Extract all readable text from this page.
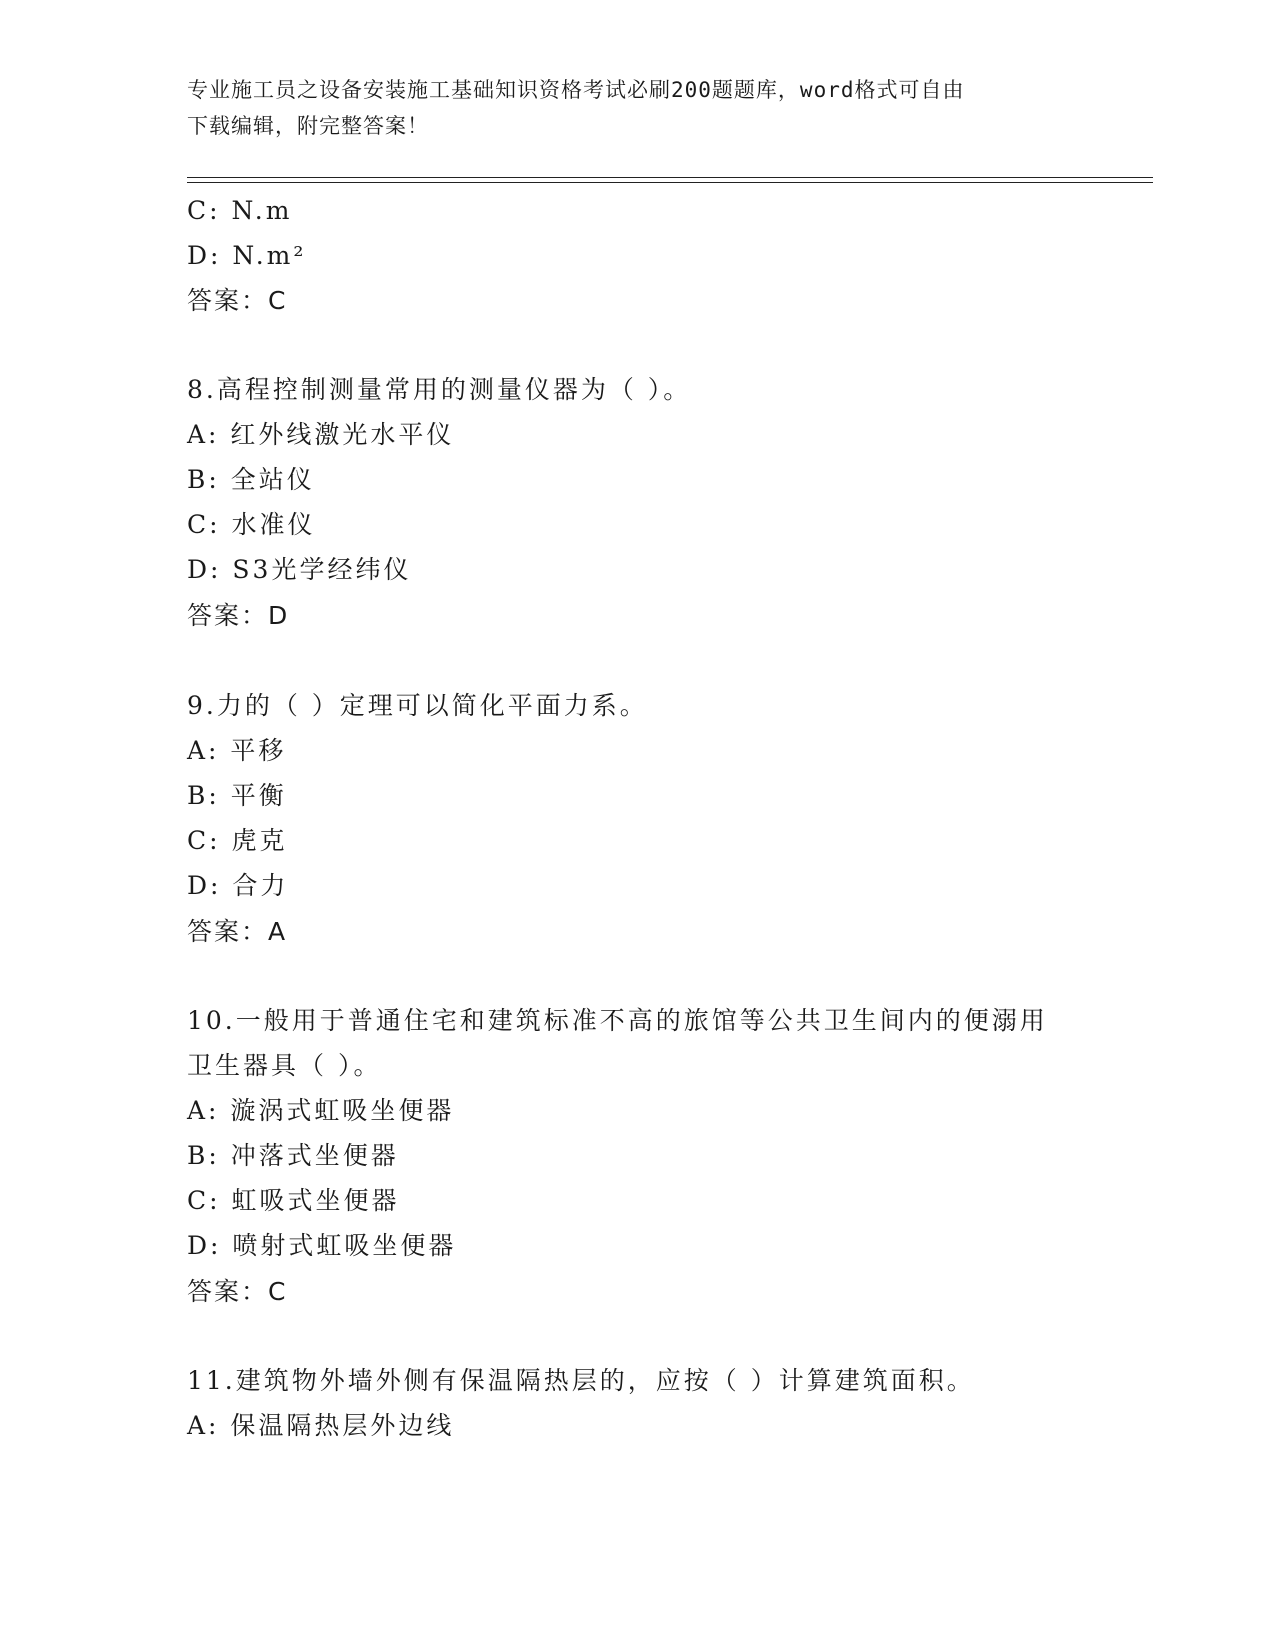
专业施工员之设备安装施工基础知识资格考试必刷200题题库，word格式可自由
下载编辑，附完整答案！
C: N.m
D: N.m²
答案：C
8.高程控制测量常用的测量仪器为（ ）。
A: 红外线激光水平仪
B: 全站仪
C: 水准仪
D: S3光学经纬仪
答案：D
9.力的（ ）定理可以简化平面力系。
A: 平移
B: 平衡
C: 虎克
D: 合力
答案：A
10.一般用于普通住宅和建筑标准不高的旅馆等公共卫生间内的便溺用
卫生器具（ ）。
A: 漩涡式虹吸坐便器
B: 冲落式坐便器
C: 虹吸式坐便器
D: 喷射式虹吸坐便器
答案：C
11.建筑物外墙外侧有保温隔热层的，应按（ ）计算建筑面积。
A: 保温隔热层外边线
